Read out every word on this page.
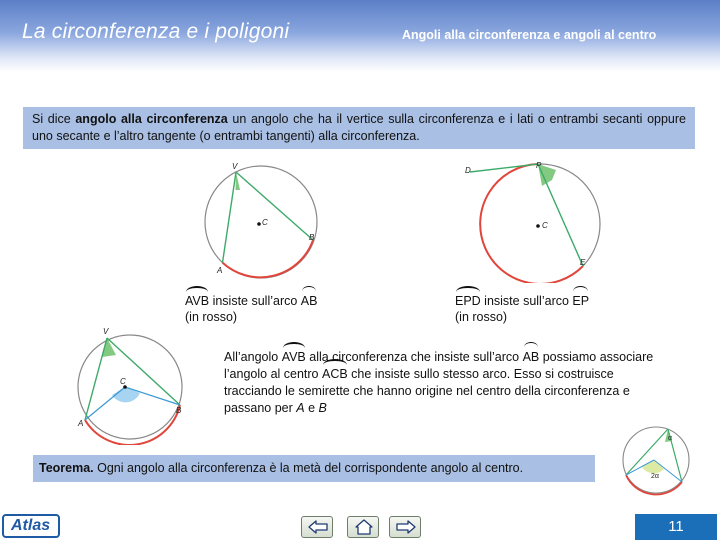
La circonferenza e i poligoni	Angoli alla circonferenza e angoli al centro
Si dice angolo alla circonferenza un angolo che ha il vertice sulla circonferenza e i lati o entrambi secanti oppure uno secante e l’altro tangente (o entrambi tangenti) alla circonferenza.
V
C
B
A
AVB insiste sull’arco AB
(in rosso)
D
P
C
E
EPD insiste sull’arco EP
(in rosso)
V
C
B
A
All’angolo AVB alla circonferenza che insiste sull’arco AB possiamo associare l’angolo al centro ACB che insiste sullo stesso arco. Esso si costruisce tracciando le semirette che hanno origine nel centro della circonferenza e passano per A e B
Teorema. Ogni angolo alla circonferenza è la metà del corrispondente angolo al centro.
α
2α
Atlas	11
